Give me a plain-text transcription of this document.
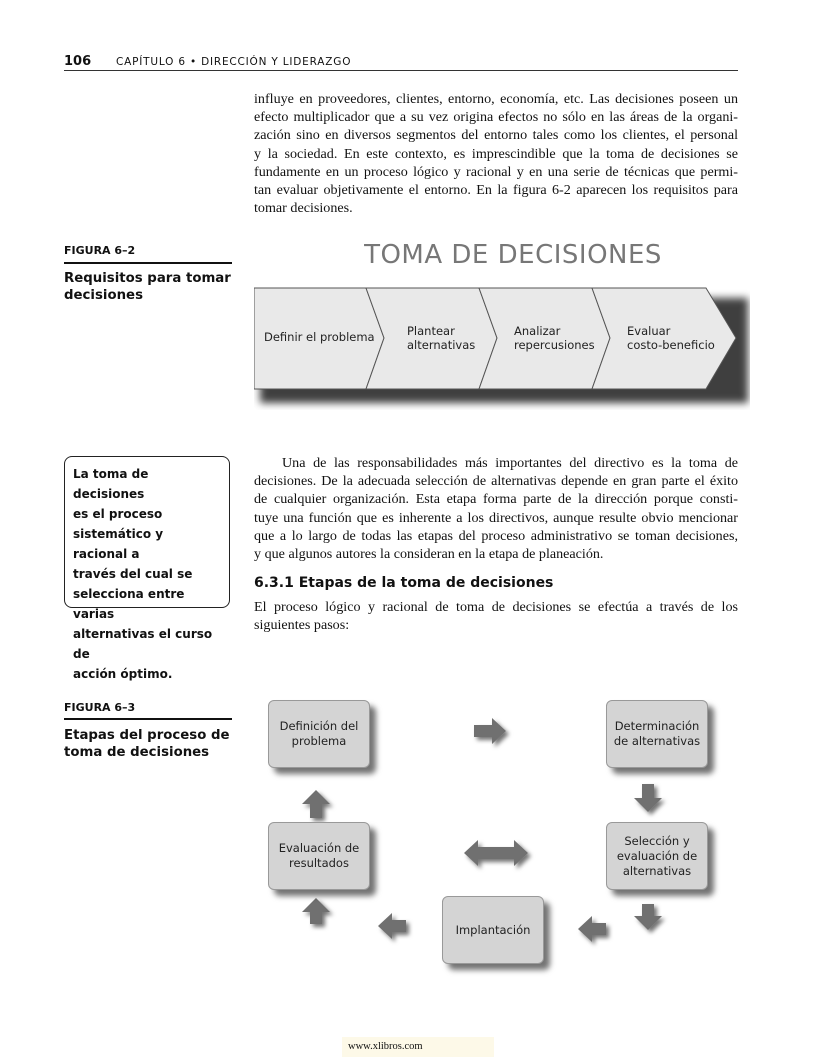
106 CAPÍTULO 6 • DIRECCIÓN Y LIDERAZGO
influye en proveedores, clientes, entorno, economía, etc. Las decisiones poseen un
efecto multiplicador que a su vez origina efectos no sólo en las áreas de la organi-
zación sino en diversos segmentos del entorno tales como los clientes, el personal
y la sociedad. En este contexto, es imprescindible que la toma de decisiones se
fundamente en un proceso lógico y racional y en una serie de técnicas que permi-
tan evaluar objetivamente el entorno. En la figura 6-2 aparecen los requisitos para
tomar decisiones.
FIGURA 6–2
Requisitos para tomar
decisiones
TOMA DE DECISIONES
Definir el problema	Plantear
alternativas
Analizar
repercusiones
Evaluar
costo-beneficio
La toma de decisiones
es el proceso
sistemático y racional a
través del cual se
selecciona entre varias
alternativas el curso de
acción óptimo.
Una de las responsabilidades más importantes del directivo es la toma de
decisiones. De la adecuada selección de alternativas depende en gran parte el éxito
de cualquier organización. Esta etapa forma parte de la dirección porque consti-
tuye una función que es inherente a los directivos, aunque resulte obvio mencionar
que a lo largo de todas las etapas del proceso administrativo se toman decisiones,
y que algunos autores la consideran en la etapa de planeación.
6.3.1 Etapas de la toma de decisiones
El proceso lógico y racional de toma de decisiones se efectúa a través de los
siguientes pasos:
FIGURA 6–3
Etapas del proceso de
toma de decisiones
Definición del
problema
Determinación
de alternativas
Evaluación de
resultados
Selección y
evaluación de
alternativas
Implantación
www.xlibros.com
